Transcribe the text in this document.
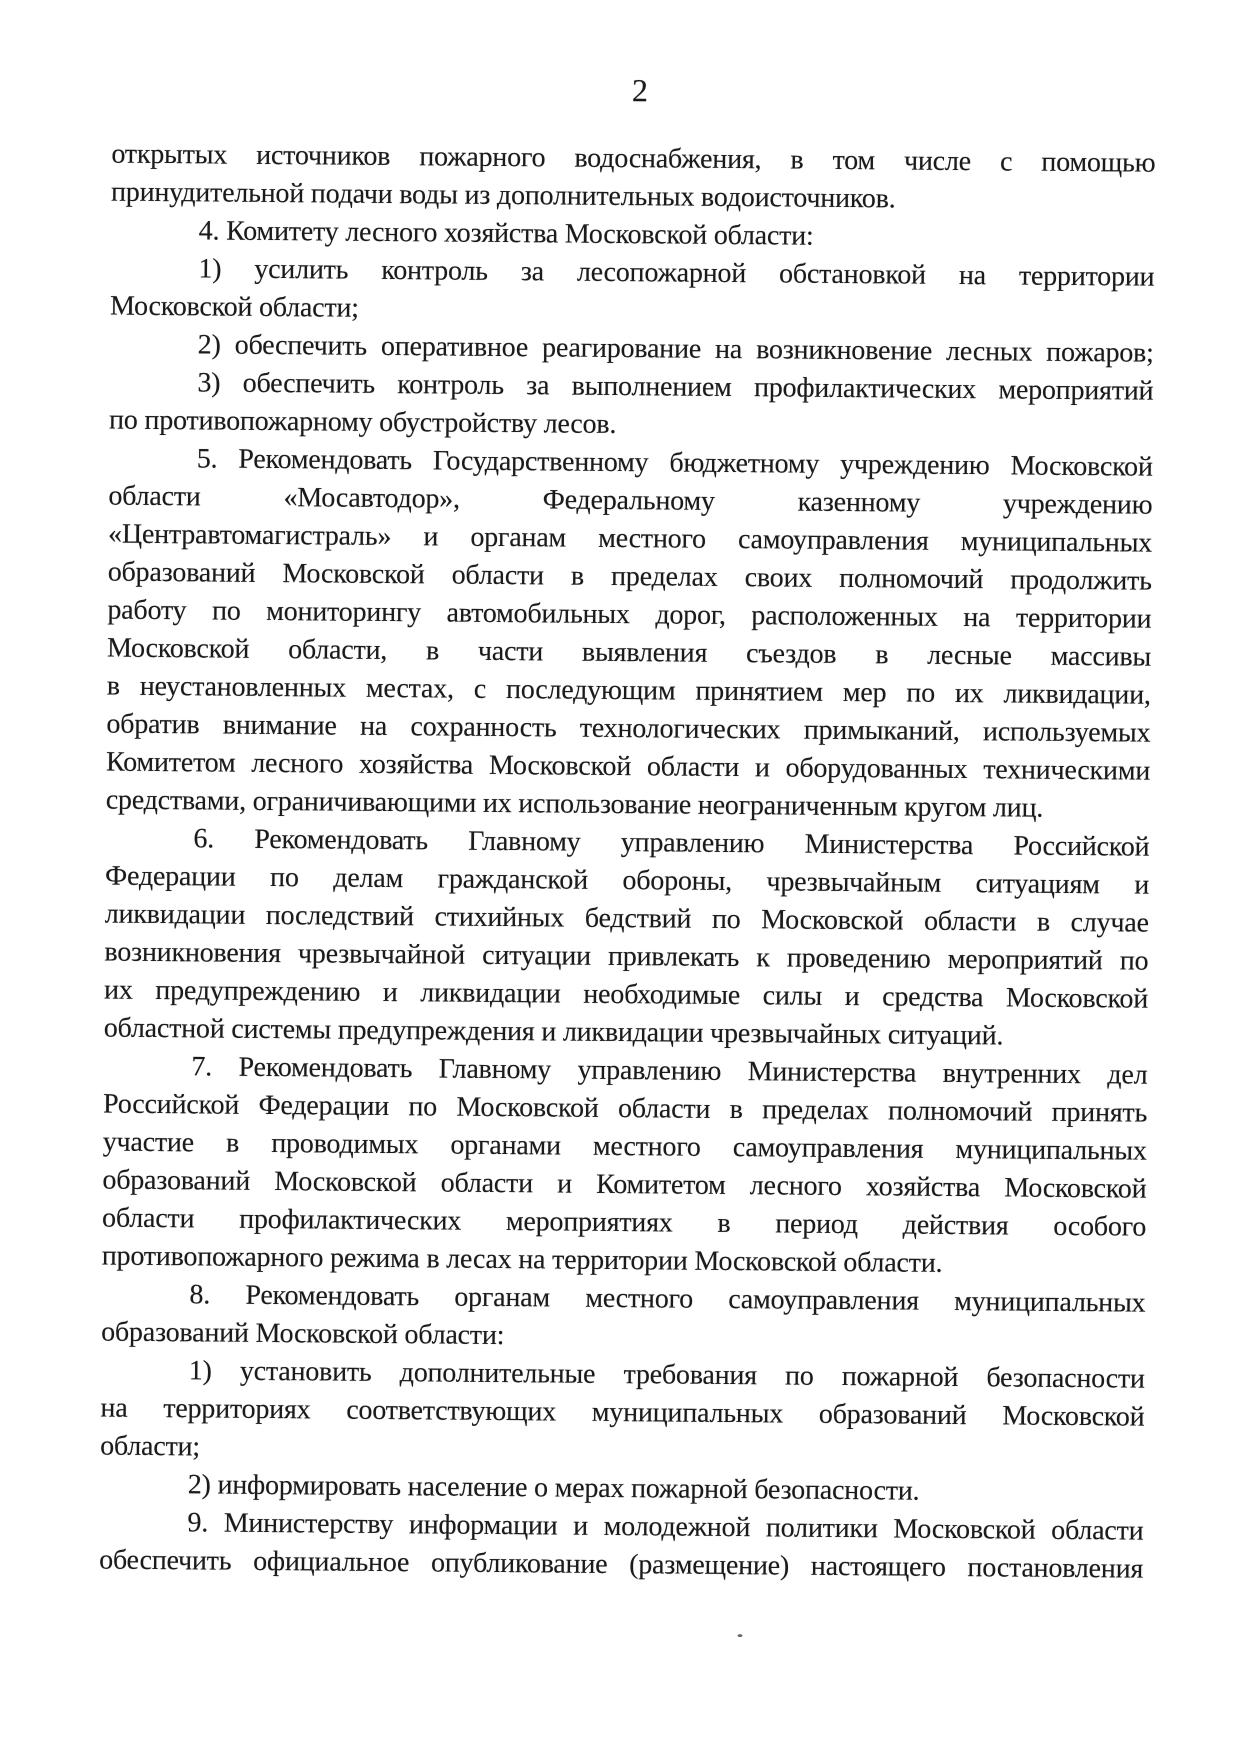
2
открытых источников пожарного водоснабжения, в том числе с помощью
принудительной подачи воды из дополнительных водоисточников.
4. Комитету лесного хозяйства Московской области:
1) усилить контроль за лесопожарной обстановкой на территории
Московской области;
2) обеспечить оперативное реагирование на возникновение лесных пожаров;
3) обеспечить контроль за выполнением профилактических мероприятий
по противопожарному обустройству лесов.
5. Рекомендовать Государственному бюджетному учреждению Московской
области «Мосавтодор», Федеральному казенному учреждению
«Центравтомагистраль» и органам местного самоуправления муниципальных
образований Московской области в пределах своих полномочий продолжить
работу по мониторингу автомобильных дорог, расположенных на территории
Московской области, в части выявления съездов в лесные массивы
в неустановленных местах, с последующим принятием мер по их ликвидации,
обратив внимание на сохранность технологических примыканий, используемых
Комитетом лесного хозяйства Московской области и оборудованных техническими
средствами, ограничивающими их использование неограниченным кругом лиц.
6. Рекомендовать Главному управлению Министерства Российской
Федерации по делам гражданской обороны, чрезвычайным ситуациям и
ликвидации последствий стихийных бедствий по Московской области в случае
возникновения чрезвычайной ситуации привлекать к проведению мероприятий по
их предупреждению и ликвидации необходимые силы и средства Московской
областной системы предупреждения и ликвидации чрезвычайных ситуаций.
7. Рекомендовать Главному управлению Министерства внутренних дел
Российской Федерации по Московской области в пределах полномочий принять
участие в проводимых органами местного самоуправления муниципальных
образований Московской области и Комитетом лесного хозяйства Московской
области профилактических мероприятиях в период действия особого
противопожарного режима в лесах на территории Московской области.
8. Рекомендовать органам местного самоуправления муниципальных
образований Московской области:
1) установить дополнительные требования по пожарной безопасности
на территориях соответствующих муниципальных образований Московской
области;
2) информировать население о мерах пожарной безопасности.
9. Министерству информации и молодежной политики Московской области
обеспечить официальное опубликование (размещение) настоящего постановления
